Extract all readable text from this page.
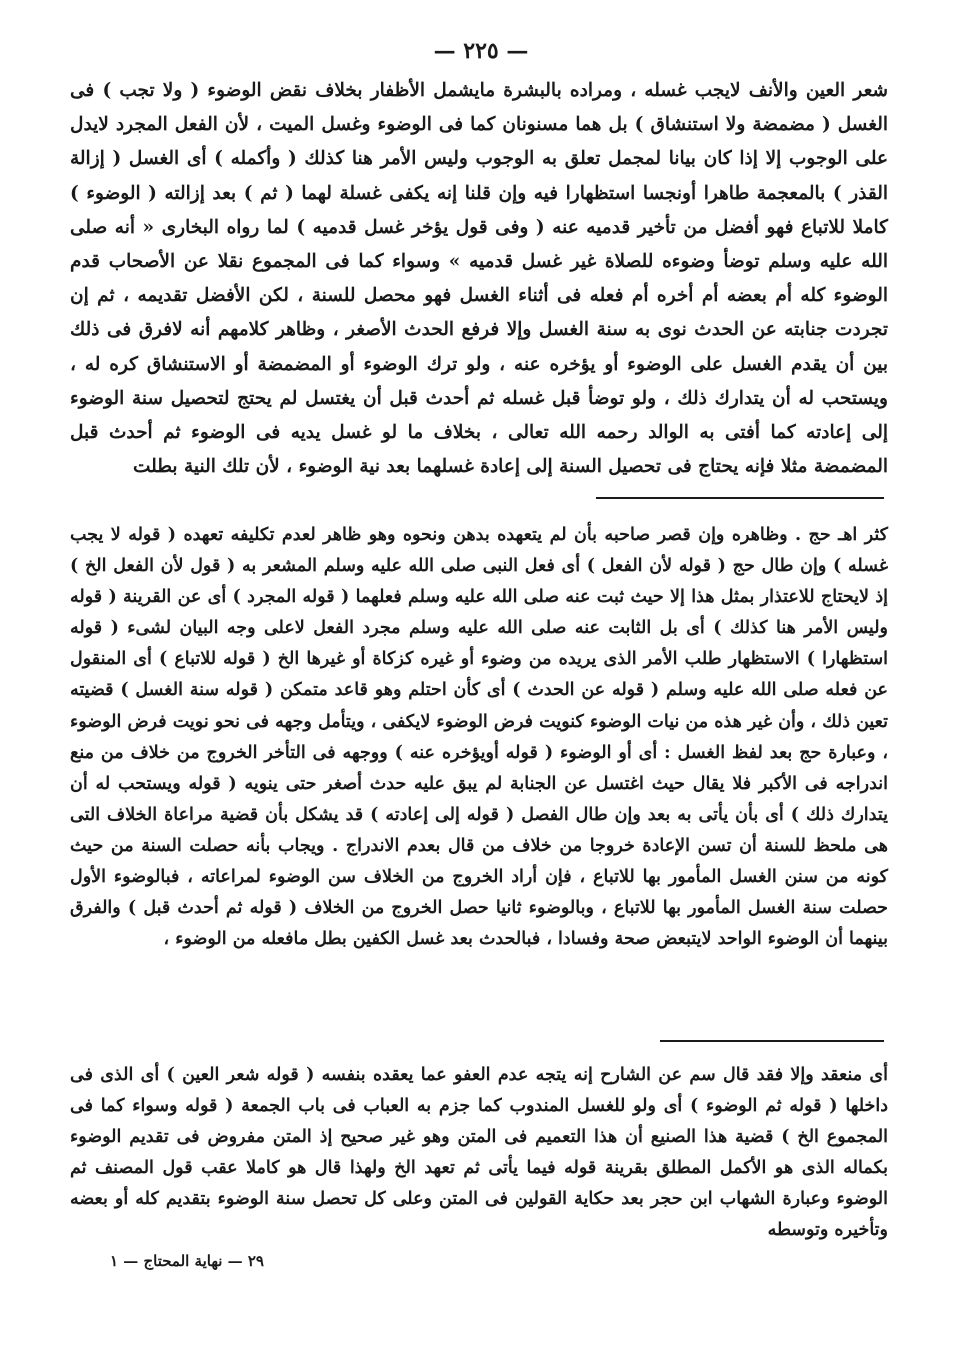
— ٢٢٥ —

شعر العين والأنف لايجب غسله ، ومراده بالبشرة مايشمل الأظفار بخلاف نقض الوضوء ( ولا تجب ) فى الغسل ( مضمضة ولا استنشاق ) بل هما مسنونان كما فى الوضوء وغسل الميت ، لأن الفعل المجرد لايدل على الوجوب إلا إذا كان بيانا لمجمل تعلق به الوجوب وليس الأمر هنا كذلك ( وأكمله ) أى الغسل ( إزالة القذر ) بالمعجمة طاهرا أونجسا استظهارا فيه وإن قلنا إنه يكفى غسلة لهما ( ثم ) بعد إزالته ( الوضوء ) كاملا للاتباع فهو أفضل من تأخير قدميه عنه ( وفى قول يؤخر غسل قدميه ) لما رواه البخارى « أنه صلى الله عليه وسلم توضأ وضوءه للصلاة غير غسل قدميه » وسواء كما فى المجموع نقلا عن الأصحاب قدم الوضوء كله أم بعضه أم أخره أم فعله فى أثناء الغسل فهو محصل للسنة ، لكن الأفضل تقديمه ، ثم إن تجردت جنابته عن الحدث نوى به سنة الغسل وإلا فرفع الحدث الأصغر ، وظاهر كلامهم أنه لافرق فى ذلك بين أن يقدم الغسل على الوضوء أو يؤخره عنه ، ولو ترك الوضوء أو المضمضة أو الاستنشاق كره له ، ويستحب له أن يتدارك ذلك ، ولو توضأ قبل غسله ثم أحدث قبل أن يغتسل لم يحتج لتحصيل سنة الوضوء إلى إعادته كما أفتى به الوالد رحمه الله تعالى ، بخلاف ما لو غسل يديه فى الوضوء ثم أحدث قبل المضمضة مثلا فإنه يحتاج فى تحصيل السنة إلى إعادة غسلهما بعد نية الوضوء ، لأن تلك النية بطلت

كثر اهـ حج . وظاهره وإن قصر صاحبه بأن لم يتعهده بدهن ونحوه وهو ظاهر لعدم تكليفه تعهده ( قوله لا يجب غسله ) وإن طال حج ( قوله لأن الفعل ) أى فعل النبى صلى الله عليه وسلم المشعر به ( قول لأن الفعل الخ ) إذ لايحتاج للاعتذار بمثل هذا إلا حيث ثبت عنه صلى الله عليه وسلم فعلهما ( قوله المجرد ) أى عن القرينة ( قوله وليس الأمر هنا كذلك ) أى بل الثابت عنه صلى الله عليه وسلم مجرد الفعل لاعلى وجه البيان لشىء ( قوله استظهارا ) الاستظهار طلب الأمر الذى يريده من وضوء أو غيره كزكاة أو غيرها الخ ( قوله للاتباع ) أى المنقول عن فعله صلى الله عليه وسلم ( قوله عن الحدث ) أى كأن احتلم وهو قاعد متمكن ( قوله سنة الغسل ) قضيته تعين ذلك ، وأن غير هذه من نيات الوضوء كنويت فرض الوضوء لايكفى ، ويتأمل وجهه فى نحو نويت فرض الوضوء ، وعبارة حج بعد لفظ الغسل : أى أو الوضوء ( قوله أويؤخره عنه ) ووجهه فى التأخر الخروج من خلاف من منع اندراجه فى الأكبر فلا يقال حيث اغتسل عن الجنابة لم يبق عليه حدث أصغر حتى ينويه ( قوله ويستحب له أن يتدارك ذلك ) أى بأن يأتى به بعد وإن طال الفصل ( قوله إلى إعادته ) قد يشكل بأن قضية مراعاة الخلاف التى هى ملحظ للسنة أن تسن الإعادة خروجا من خلاف من قال بعدم الاندراج . ويجاب بأنه حصلت السنة من حيث كونه من سنن الغسل المأمور بها للاتباع ، فإن أراد الخروج من الخلاف سن الوضوء لمراعاته ، فبالوضوء الأول حصلت سنة الغسل المأمور بها للاتباع ، وبالوضوء ثانيا حصل الخروج من الخلاف ( قوله ثم أحدث قبل ) والفرق بينهما أن الوضوء الواحد لايتبعض صحة وفسادا ، فبالحدث بعد غسل الكفين بطل مافعله من الوضوء ،

أى منعقد وإلا فقد قال سم عن الشارح إنه يتجه عدم العفو عما يعقده بنفسه ( قوله شعر العين ) أى الذى فى داخلها ( قوله ثم الوضوء ) أى ولو للغسل المندوب كما جزم به العباب فى باب الجمعة ( قوله وسواء كما فى المجموع الخ ) قضية هذا الصنيع أن هذا التعميم فى المتن وهو غير صحيح إذ المتن مفروض فى تقديم الوضوء بكماله الذى هو الأكمل المطلق بقرينة قوله فيما يأتى ثم تعهد الخ ولهذا قال هو كاملا عقب قول المصنف ثم الوضوء وعبارة الشهاب ابن حجر بعد حكاية القولين فى المتن وعلى كل تحصل سنة الوضوء بتقديم كله أو بعضه وتأخيره وتوسطه

٢٩ — نهاية المحتاج — ١
